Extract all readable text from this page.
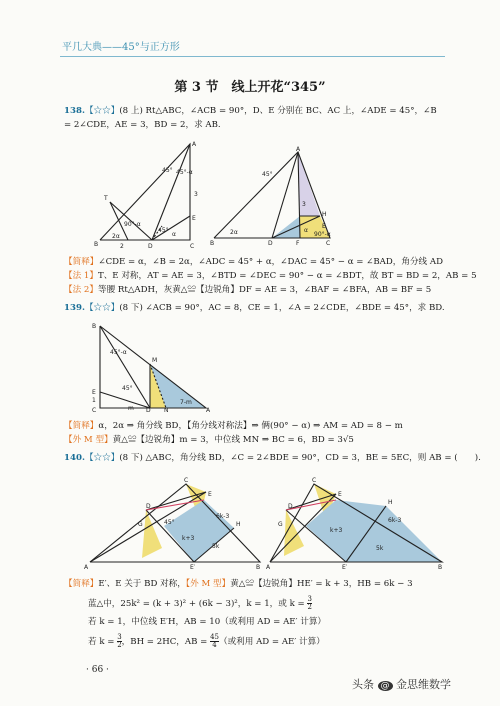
平几大典——45°与正方形
第 3 节　线上开花“345”
138.【☆☆】(8 上) Rt△ABC，∠ACB = 90°，D、E 分别在 BC、AC 上，∠ADE = 45°，∠B
= 2∠CDE，AE = 3，BD = 2，求 AB.
A
B	D	C
E
T
45° 45°-α
90°-α
45°
α
2α
2
3
A
B	D	F	C
H
E
45°
2α	α
90°-α
3
【简释】∠CDE = α，∠B = 2α，∠ADC = 45° + α，∠DAC = 45° − α = ∠BAD，角分线 AD
【法 1】T、E 对称，AT = AE = 3，∠BTD = ∠DEC = 90° − α = ∠BDT，故 BT = BD = 2，AB = 5
【法 2】等腰 Rt△ADH，灰黄△≌【边锐角】DF = AE = 3，∠BAF = ∠BFA，AB = BF = 5
139.【☆☆】(8 下) ∠ACB = 90°，AC = 8，CE = 1，∠A = 2∠CDE，∠BDE = 45°，求 BD.
B
E
C	D N	A
M
45°-α
45°
7-m
m
1
【简释】α，2α ⇒ 角分线 BD，【角分线对称法】⇒ 俩(90° − α) ⇒ AM = AD = 8 − m
【外 M 型】黄△≌【边锐角】m = 3，中位线 MN ⇒ BC = 6，BD = 3√5
140.【☆☆】(8 下) △ABC，角分线 BD，∠C = 2∠BDE = 90°，CD = 3，BE = 5EC，则 AB = (　　).
A	E′	B
C
E
D
G	H
45°
5k
k+3
6k-3
A	E′	B
C
E
D
G
H
6k-3
k+3
5k
【简释】E′、E 关于 BD 对称，【外 M 型】黄△≌【边锐角】HE′ = k + 3，HB = 6k − 3
蓝△中，25k² = (k + 3)² + (6k − 3)²，k = 1，或 $k = \frac{3}{2}$
若 k = 1，中位线 E′H，AB = 10（或利用 AD = AE′ 计算）
若 $k = \frac{3}{2}$ ，BH = 2HC，AB = $\frac{45}{4}$ （或利用 AD = AE′ 计算）
· 66 ·
头条 @ 金思维数学
